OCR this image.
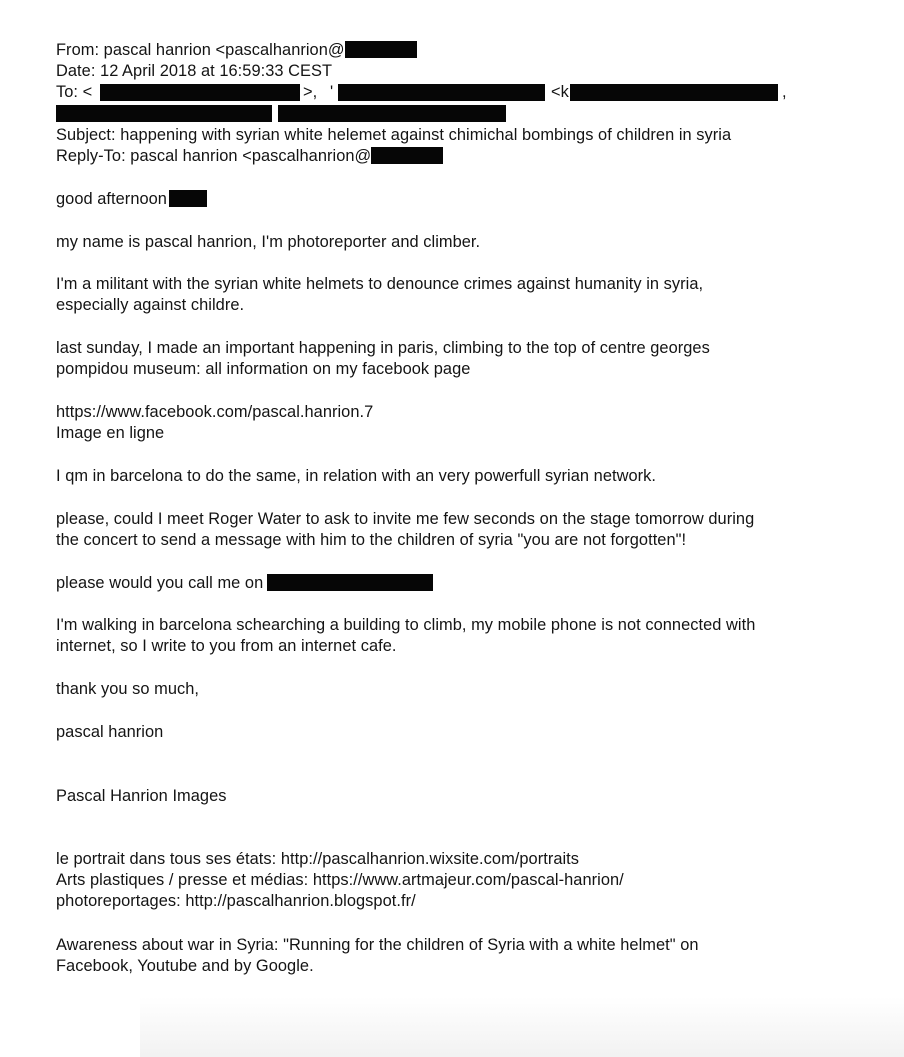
From: pascal hanrion <pascalhanrion@
Date: 12 April 2018 at 16:59:33 CEST
To: <	>, '	<k	,
Subject: happening with syrian white helemet against chimichal bombings of children in syria
Reply-To: pascal hanrion <pascalhanrion@
good afternoon
my name is pascal hanrion, I'm photoreporter and climber.
I'm a militant with the syrian white helmets to denounce crimes against humanity in syria,
especially against childre.
last sunday, I made an important happening in paris, climbing to the top of centre georges
pompidou museum: all information on my facebook page
https://www.facebook.com/pascal.hanrion.7
Image en ligne
I qm in barcelona to do the same, in relation with an very powerfull syrian network.
please, could I meet Roger Water to ask to invite me few seconds on the stage tomorrow during
the concert to send a message with him to the children of syria "you are not forgotten"!
please would you call me on
I'm walking in barcelona schearching a building to climb, my mobile phone is not connected with
internet, so I write to you from an internet cafe.
thank you so much,
pascal hanrion
Pascal Hanrion Images
le portrait dans tous ses états: http://pascalhanrion.wixsite.com/portraits
Arts plastiques / presse et médias: https://www.artmajeur.com/pascal-hanrion/
photoreportages: http://pascalhanrion.blogspot.fr/
Awareness about war in Syria: "Running for the children of Syria with a white helmet" on
Facebook, Youtube and by Google.
